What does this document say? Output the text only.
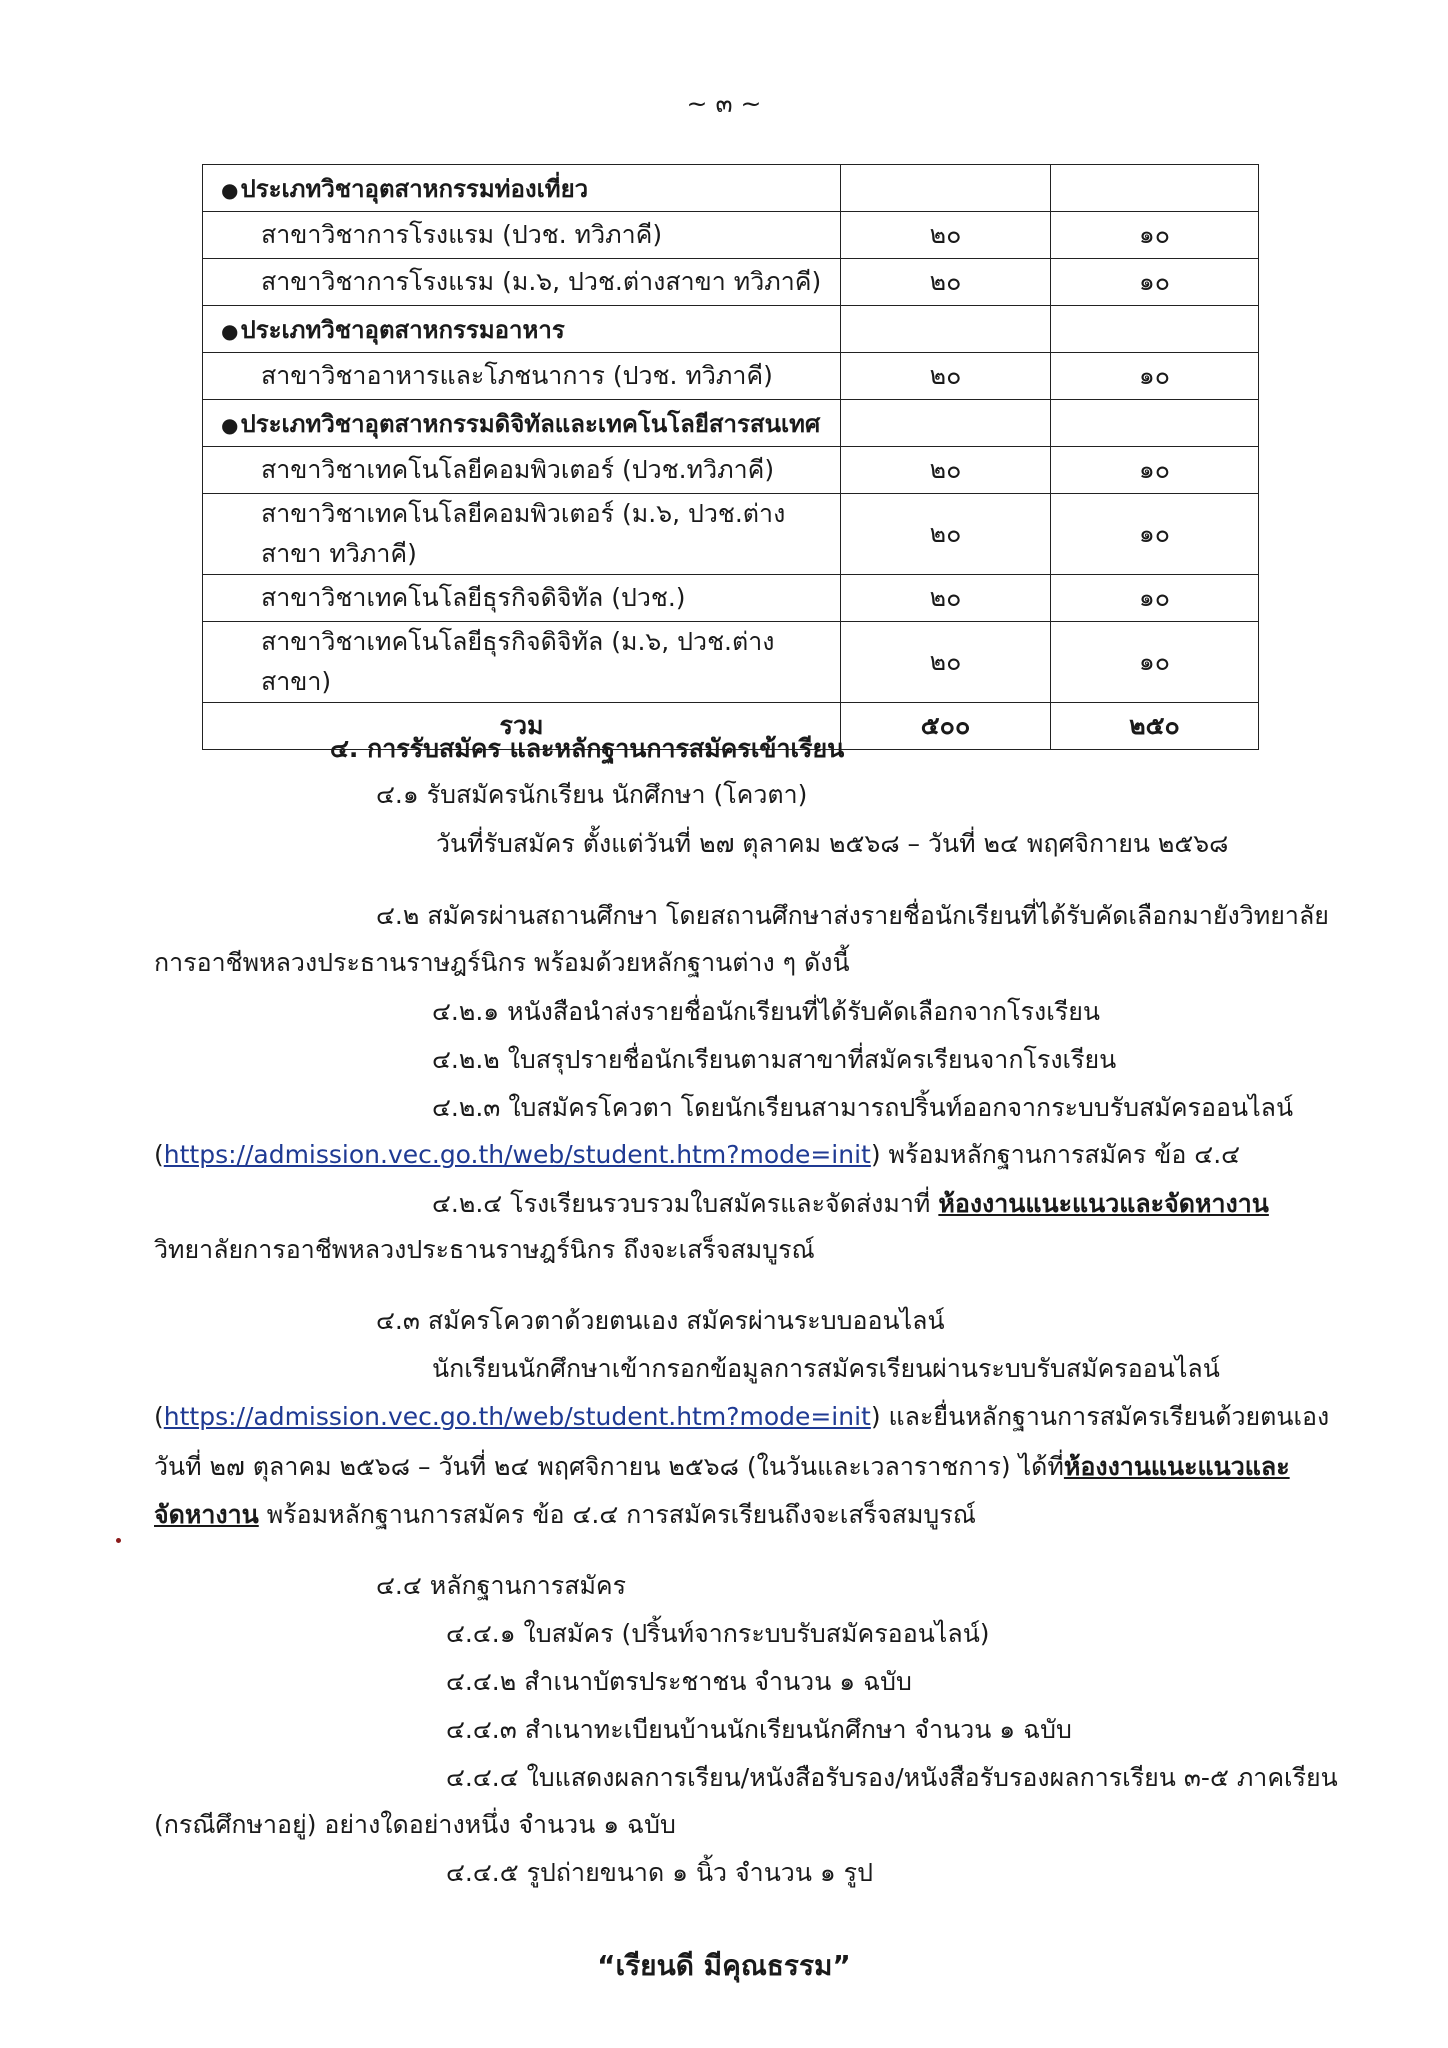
~ ๓ ~
●ประเภทวิชาอุตสาหกรรมท่องเที่ยว		
สาขาวิชาการโรงแรม (ปวช. ทวิภาคี)	๒๐	๑๐
สาขาวิชาการโรงแรม (ม.๖, ปวช.ต่างสาขา ทวิภาคี)	๒๐	๑๐
●ประเภทวิชาอุตสาหกรรมอาหาร		
สาขาวิชาอาหารและโภชนาการ (ปวช. ทวิภาคี)	๒๐	๑๐
●ประเภทวิชาอุตสาหกรรมดิจิทัลและเทคโนโลยีสารสนเทศ		
สาขาวิชาเทคโนโลยีคอมพิวเตอร์ (ปวช.ทวิภาคี)	๒๐	๑๐
สาขาวิชาเทคโนโลยีคอมพิวเตอร์ (ม.๖, ปวช.ต่างสาขา ทวิภาคี)	๒๐	๑๐
สาขาวิชาเทคโนโลยีธุรกิจดิจิทัล (ปวช.)	๒๐	๑๐
สาขาวิชาเทคโนโลยีธุรกิจดิจิทัล (ม.๖, ปวช.ต่างสาขา)	๒๐	๑๐
รวม	๕๐๐	๒๕๐
๔. การรับสมัคร และหลักฐานการสมัครเข้าเรียน
๔.๑ รับสมัครนักเรียน นักศึกษา (โควตา)
วันที่รับสมัคร ตั้งแต่วันที่ ๒๗ ตุลาคม ๒๕๖๘ – วันที่ ๒๔ พฤศจิกายน ๒๕๖๘
๔.๒ สมัครผ่านสถานศึกษา โดยสถานศึกษาส่งรายชื่อนักเรียนที่ได้รับคัดเลือกมายังวิทยาลัย
การอาชีพหลวงประธานราษฎร์นิกร พร้อมด้วยหลักฐานต่าง ๆ ดังนี้
๔.๒.๑ หนังสือนำส่งรายชื่อนักเรียนที่ได้รับคัดเลือกจากโรงเรียน
๔.๒.๒ ใบสรุปรายชื่อนักเรียนตามสาขาที่สมัครเรียนจากโรงเรียน
๔.๒.๓ ใบสมัครโควตา โดยนักเรียนสามารถปริ้นท์ออกจากระบบรับสมัครออนไลน์
(https://admission.vec.go.th/web/student.htm?mode=init) พร้อมหลักฐานการสมัคร ข้อ ๔.๔
๔.๒.๔ โรงเรียนรวบรวมใบสมัครและจัดส่งมาที่ ห้องงานแนะแนวและจัดหางาน
วิทยาลัยการอาชีพหลวงประธานราษฎร์นิกร ถึงจะเสร็จสมบูรณ์
๔.๓ สมัครโควตาด้วยตนเอง สมัครผ่านระบบออนไลน์
นักเรียนนักศึกษาเข้ากรอกข้อมูลการสมัครเรียนผ่านระบบรับสมัครออนไลน์
(https://admission.vec.go.th/web/student.htm?mode=init) และยื่นหลักฐานการสมัครเรียนด้วยตนเอง
วันที่ ๒๗ ตุลาคม ๒๕๖๘ – วันที่ ๒๔ พฤศจิกายน ๒๕๖๘ (ในวันและเวลาราชการ) ได้ที่ห้องงานแนะแนวและ
จัดหางาน พร้อมหลักฐานการสมัคร ข้อ ๔.๔ การสมัครเรียนถึงจะเสร็จสมบูรณ์
๔.๔ หลักฐานการสมัคร
๔.๔.๑ ใบสมัคร (ปริ้นท์จากระบบรับสมัครออนไลน์)
๔.๔.๒ สำเนาบัตรประชาชน จำนวน ๑ ฉบับ
๔.๔.๓ สำเนาทะเบียนบ้านนักเรียนนักศึกษา จำนวน ๑ ฉบับ
๔.๔.๔ ใบแสดงผลการเรียน/หนังสือรับรอง/หนังสือรับรองผลการเรียน ๓-๕ ภาคเรียน
(กรณีศึกษาอยู่) อย่างใดอย่างหนึ่ง จำนวน ๑ ฉบับ
๔.๔.๕ รูปถ่ายขนาด ๑ นิ้ว จำนวน ๑ รูป
“เรียนดี มีคุณธรรม”
